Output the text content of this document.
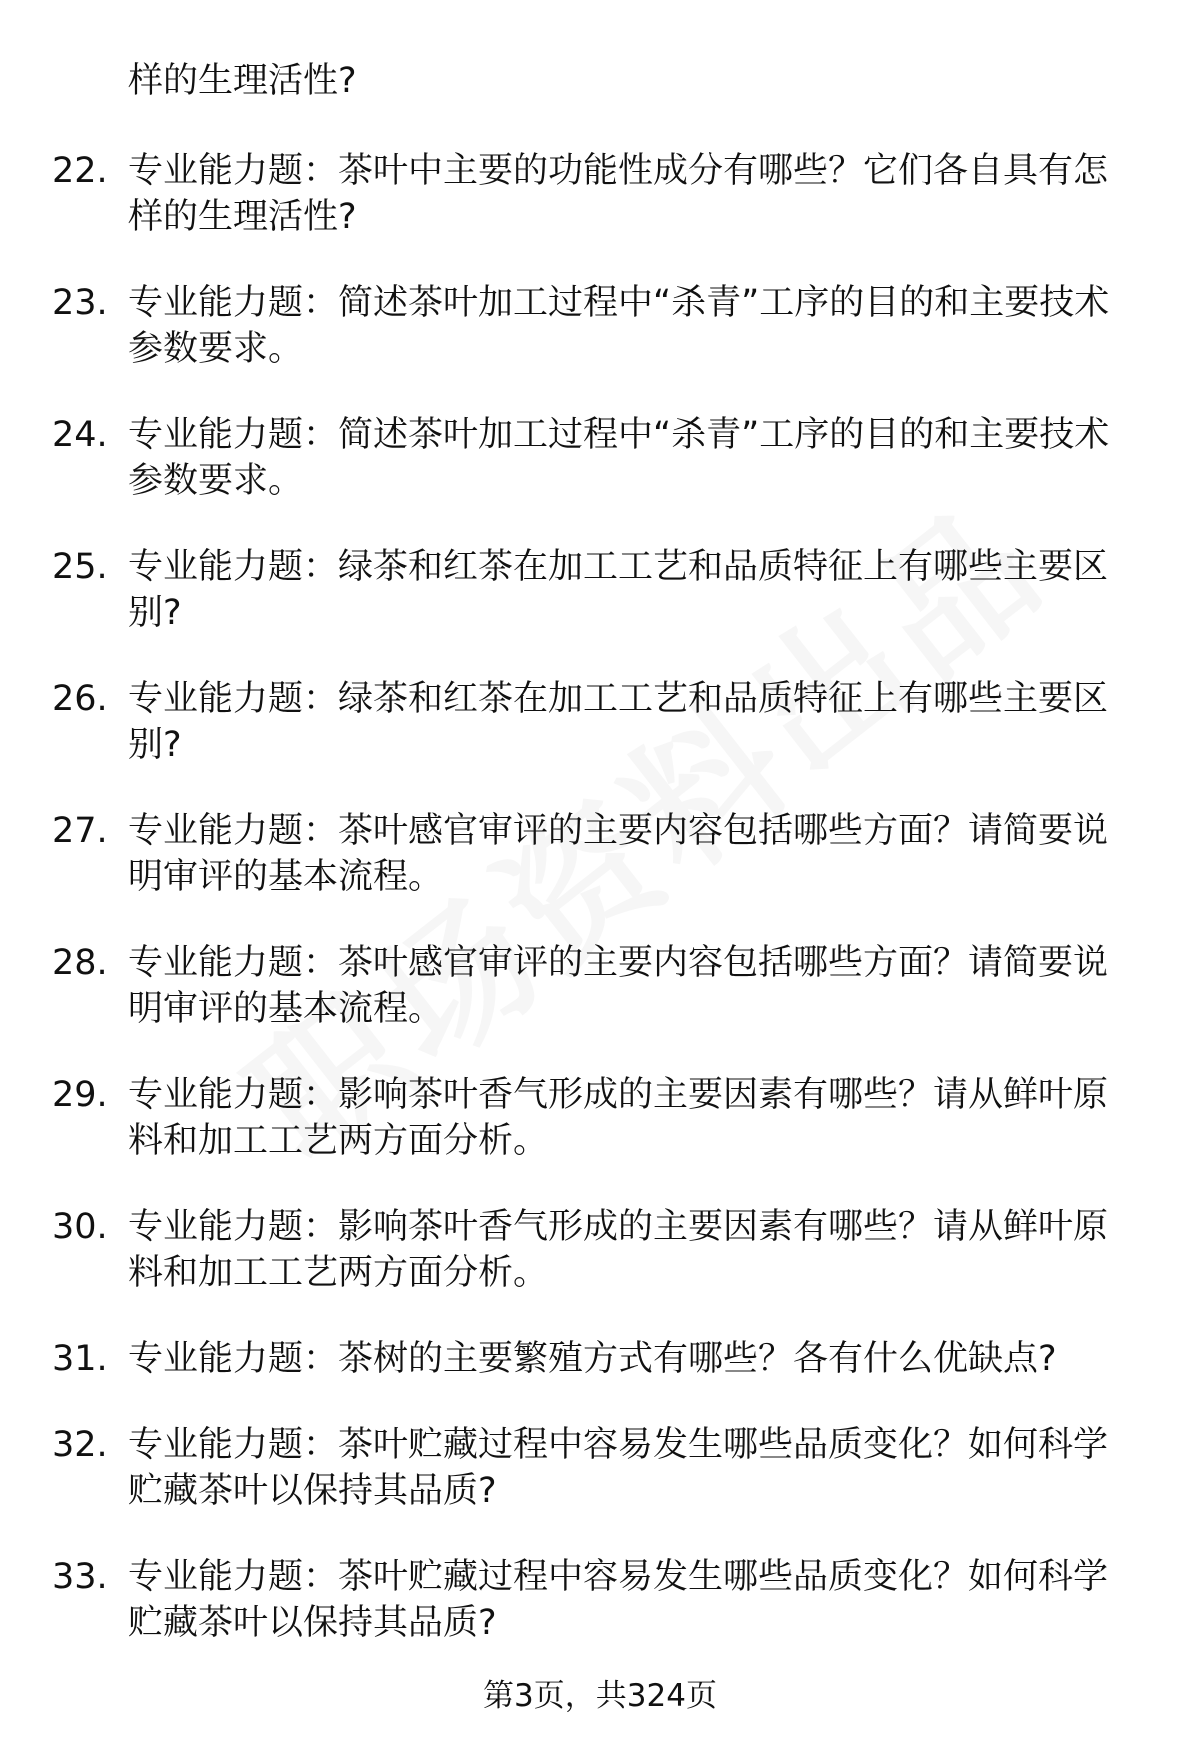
样的生理活性?
22. 专业能力题：茶叶中主要的功能性成分有哪些？它们各自具有怎样的生理活性?
23. 专业能力题：简述茶叶加工过程中“杀青”工序的目的和主要技术参数要求。
24. 专业能力题：简述茶叶加工过程中“杀青”工序的目的和主要技术参数要求。
25. 专业能力题：绿茶和红茶在加工工艺和品质特征上有哪些主要区别?
26. 专业能力题：绿茶和红茶在加工工艺和品质特征上有哪些主要区别?
27. 专业能力题：茶叶感官审评的主要内容包括哪些方面？请简要说明审评的基本流程。
28. 专业能力题：茶叶感官审评的主要内容包括哪些方面？请简要说明审评的基本流程。
29. 专业能力题：影响茶叶香气形成的主要因素有哪些？请从鲜叶原料和加工工艺两方面分析。
30. 专业能力题：影响茶叶香气形成的主要因素有哪些？请从鲜叶原料和加工工艺两方面分析。
31. 专业能力题：茶树的主要繁殖方式有哪些？各有什么优缺点?
32. 专业能力题：茶叶贮藏过程中容易发生哪些品质变化？如何科学贮藏茶叶以保持其品质?
33. 专业能力题：茶叶贮藏过程中容易发生哪些品质变化？如何科学贮藏茶叶以保持其品质?
第3页，共324页
